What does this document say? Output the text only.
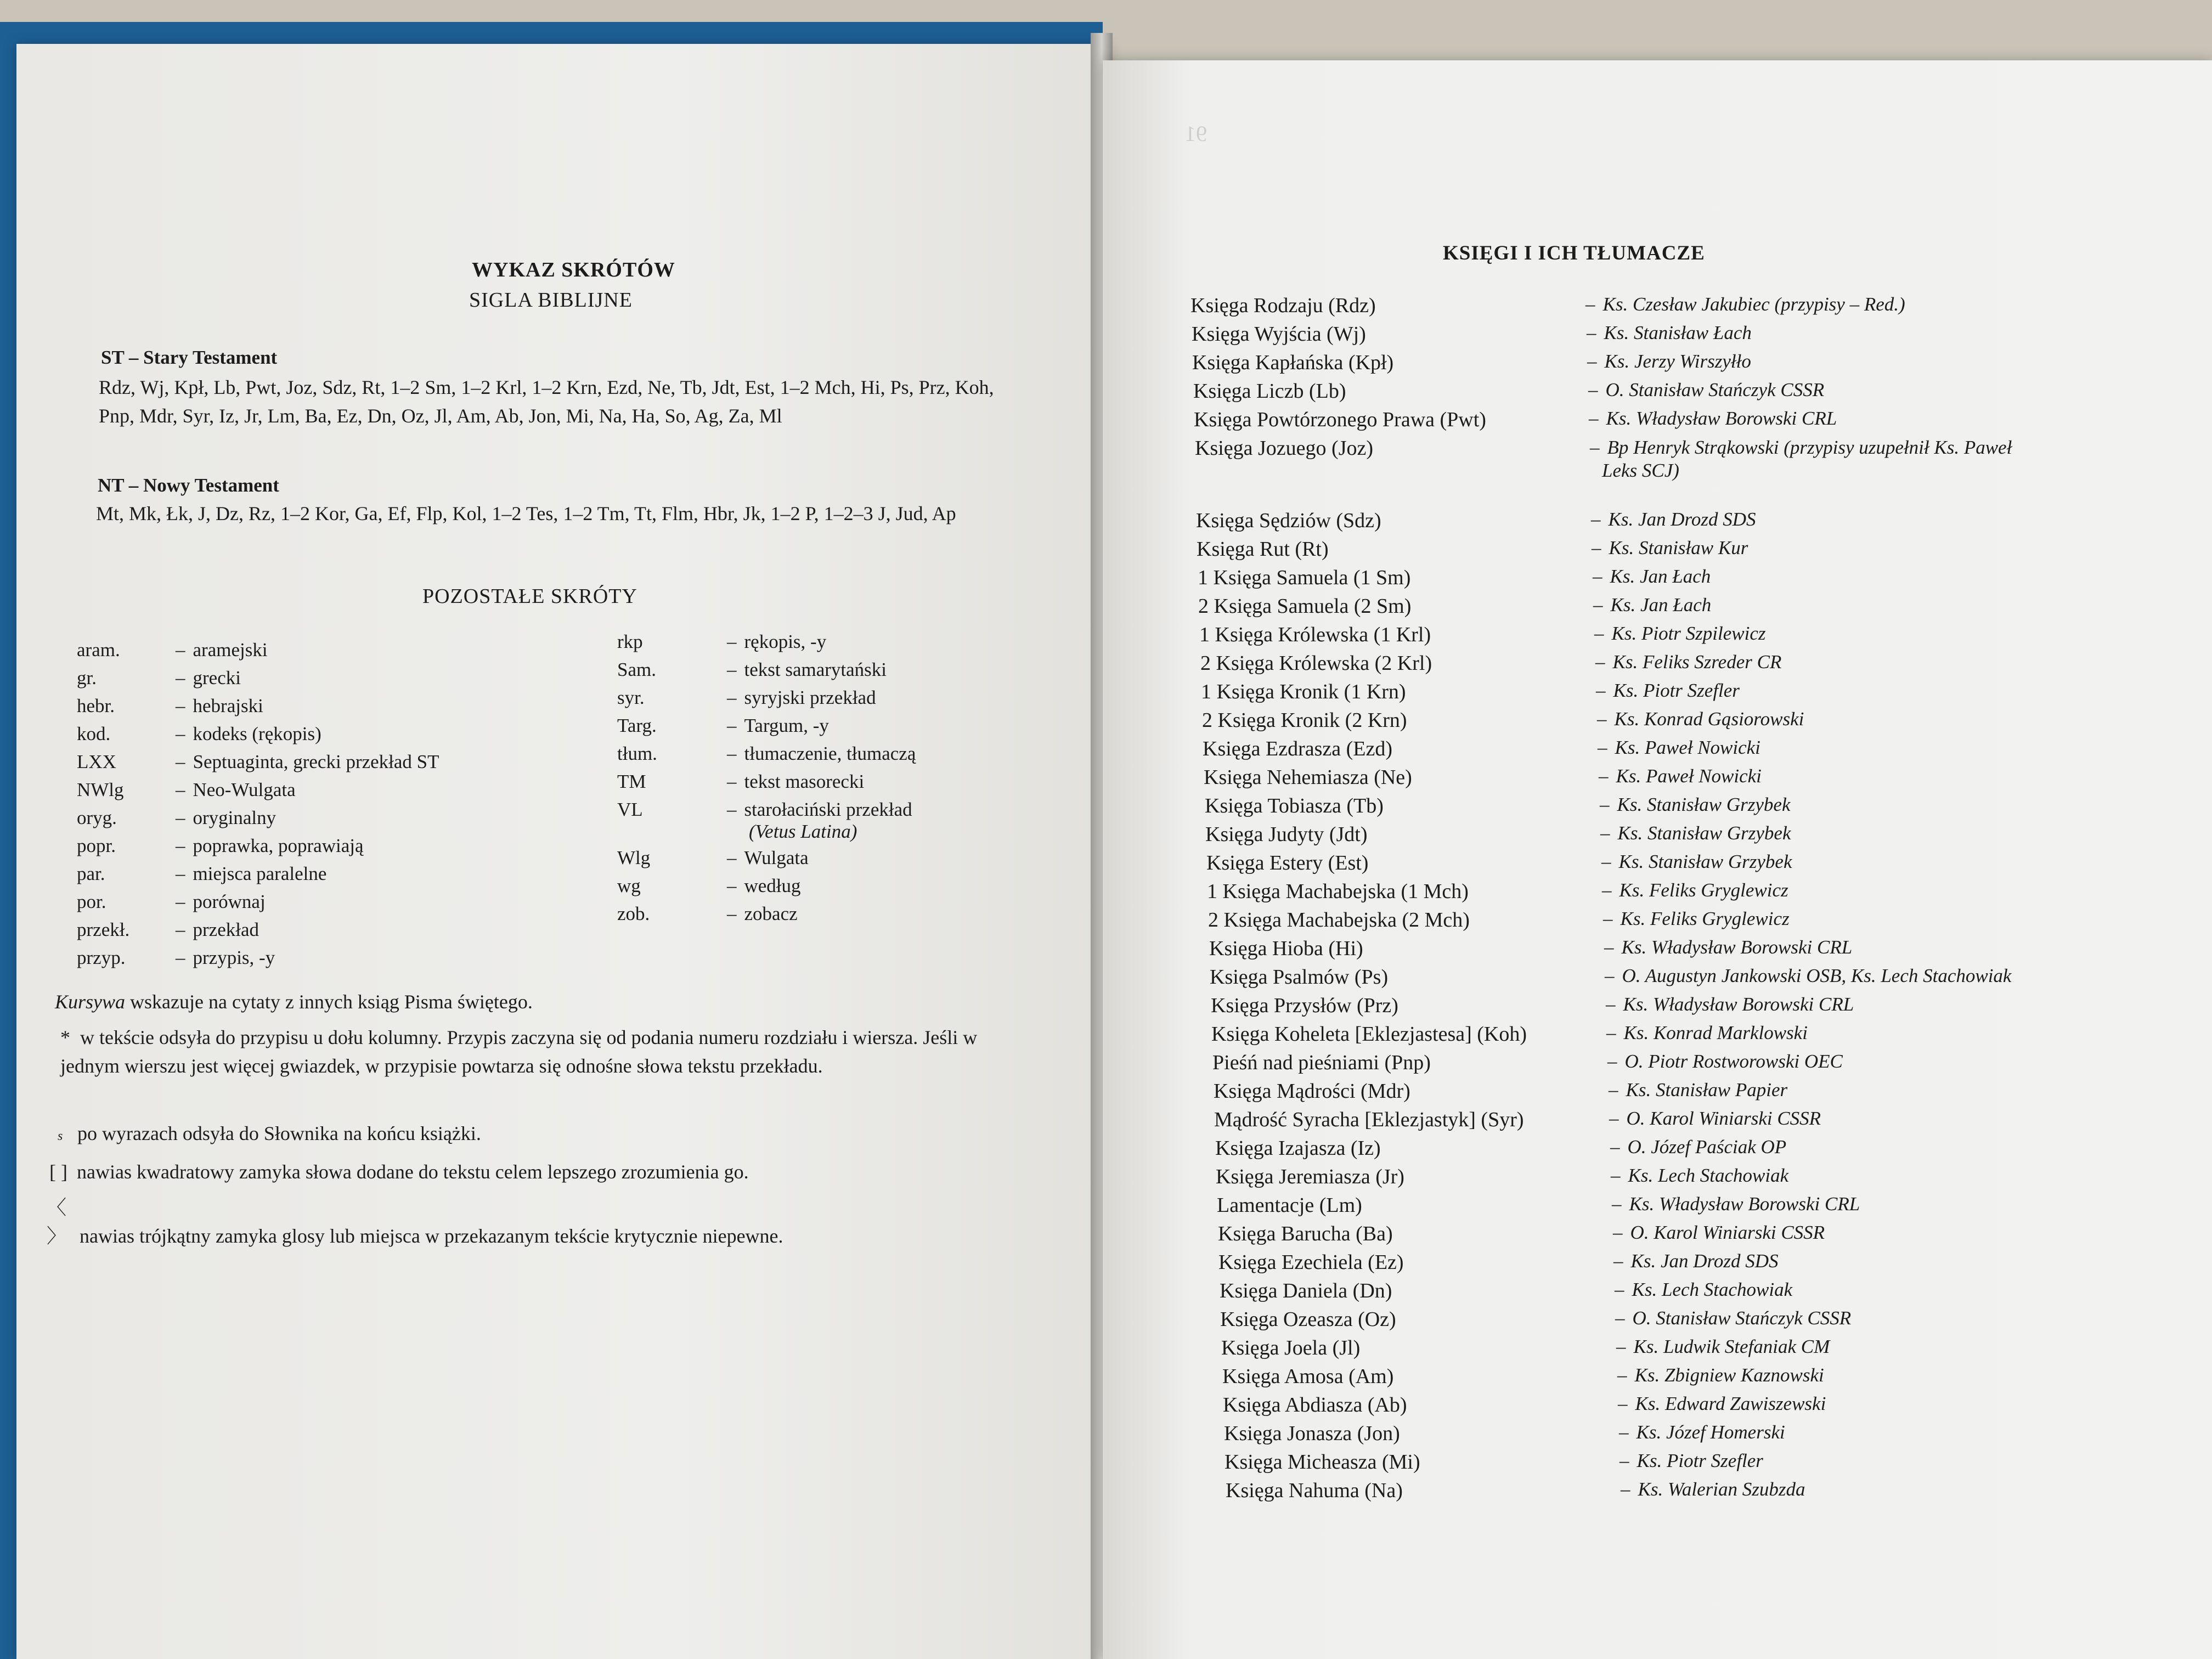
WYKAZ SKRÓTÓW
SIGLA BIBLIJNE
ST – Stary Testament
Rdz, Wj, Kpł, Lb, Pwt, Joz, Sdz, Rt, 1–2 Sm, 1–2 Krl, 1–2 Krn, Ezd, Ne, Tb, Jdt, Est, 1–2 Mch, Hi, Ps, Prz, Koh, Pnp, Mdr, Syr, Iz, Jr, Lm, Ba, Ez, Dn, Oz, Jl, Am, Ab, Jon, Mi, Na, Ha, So, Ag, Za, Ml
NT – Nowy Testament
Mt, Mk, Łk, J, Dz, Rz, 1–2 Kor, Ga, Ef, Flp, Kol, 1–2 Tes, 1–2 Tm, Tt, Flm, Hbr, Jk, 1–2 P, 1–2–3 J, Jud, Ap
POZOSTAŁE SKRÓTY
aram.	– aramejski
gr.	– grecki
hebr.	– hebrajski
kod.	– kodeks (rękopis)
LXX	– Septuaginta, grecki przekład ST
NWlg	– Neo-Wulgata
oryg.	– oryginalny
popr.	– poprawka, poprawiają
par.	– miejsca paralelne
por.	– porównaj
przekł.	– przekład
przyp.	– przypis, -y
rkp	– rękopis, -y
Sam.	– tekst samarytański
syr.	– syryjski przekład
Targ.	– Targum, -y
tłum.	– tłumaczenie, tłumaczą
TM	– tekst masorecki
VL	– starołaciński przekład
(Vetus Latina)
Wlg	– Wulgata
wg	– według
zob.	– zobacz
Kursywa wskazuje na cytaty z innych ksiąg Pisma świętego.
* w tekście odsyła do przypisu u dołu kolumny. Przypis zaczyna się od podania numeru rozdziału i wiersza. Jeśli w jednym wierszu jest więcej gwiazdek, w przypisie powtarza się odnośne słowa tekstu przekładu.
s po wyrazach odsyła do Słownika na końcu książki.
[ ] nawias kwadratowy zamyka słowa dodane do tekstu celem lepszego zrozumienia go.
〈 〉 nawias trójkątny zamyka glosy lub miejsca w przekazanym tekście krytycznie niepewne.
91
KSIĘGI I ICH TŁUMACZE
Księga Rodzaju (Rdz)	– Ks. Czesław Jakubiec (przypisy – Red.)
Księga Wyjścia (Wj)	– Ks. Stanisław Łach
Księga Kapłańska (Kpł)	– Ks. Jerzy Wirszyłło
Księga Liczb (Lb)	– O. Stanisław Stańczyk CSSR
Księga Powtórzonego Prawa (Pwt)	– Ks. Władysław Borowski CRL
Księga Jozuego (Joz)	– Bp Henryk Strąkowski (przypisy uzupełnił Ks. Paweł
Leks SCJ)
Księga Sędziów (Sdz)	– Ks. Jan Drozd SDS
Księga Rut (Rt)	– Ks. Stanisław Kur
1 Księga Samuela (1 Sm)	– Ks. Jan Łach
2 Księga Samuela (2 Sm)	– Ks. Jan Łach
1 Księga Królewska (1 Krl)	– Ks. Piotr Szpilewicz
2 Księga Królewska (2 Krl)	– Ks. Feliks Szreder CR
1 Księga Kronik (1 Krn)	– Ks. Piotr Szefler
2 Księga Kronik (2 Krn)	– Ks. Konrad Gąsiorowski
Księga Ezdrasza (Ezd)	– Ks. Paweł Nowicki
Księga Nehemiasza (Ne)	– Ks. Paweł Nowicki
Księga Tobiasza (Tb)	– Ks. Stanisław Grzybek
Księga Judyty (Jdt)	– Ks. Stanisław Grzybek
Księga Estery (Est)	– Ks. Stanisław Grzybek
1 Księga Machabejska (1 Mch)	– Ks. Feliks Gryglewicz
2 Księga Machabejska (2 Mch)	– Ks. Feliks Gryglewicz
Księga Hioba (Hi)	– Ks. Władysław Borowski CRL
Księga Psalmów (Ps)	– O. Augustyn Jankowski OSB, Ks. Lech Stachowiak
Księga Przysłów (Prz)	– Ks. Władysław Borowski CRL
Księga Koheleta [Eklezjastesa] (Koh)	– Ks. Konrad Marklowski
Pieśń nad pieśniami (Pnp)	– O. Piotr Rostworowski OEC
Księga Mądrości (Mdr)	– Ks. Stanisław Papier
Mądrość Syracha [Eklezjastyk] (Syr)	– O. Karol Winiarski CSSR
Księga Izajasza (Iz)	– O. Józef Paściak OP
Księga Jeremiasza (Jr)	– Ks. Lech Stachowiak
Lamentacje (Lm)	– Ks. Władysław Borowski CRL
Księga Barucha (Ba)	– O. Karol Winiarski CSSR
Księga Ezechiela (Ez)	– Ks. Jan Drozd SDS
Księga Daniela (Dn)	– Ks. Lech Stachowiak
Księga Ozeasza (Oz)	– O. Stanisław Stańczyk CSSR
Księga Joela (Jl)	– Ks. Ludwik Stefaniak CM
Księga Amosa (Am)	– Ks. Zbigniew Kaznowski
Księga Abdiasza (Ab)	– Ks. Edward Zawiszewski
Księga Jonasza (Jon)	– Ks. Józef Homerski
Księga Micheasza (Mi)	– Ks. Piotr Szefler
Księga Nahuma (Na)	– Ks. Walerian Szubzda
